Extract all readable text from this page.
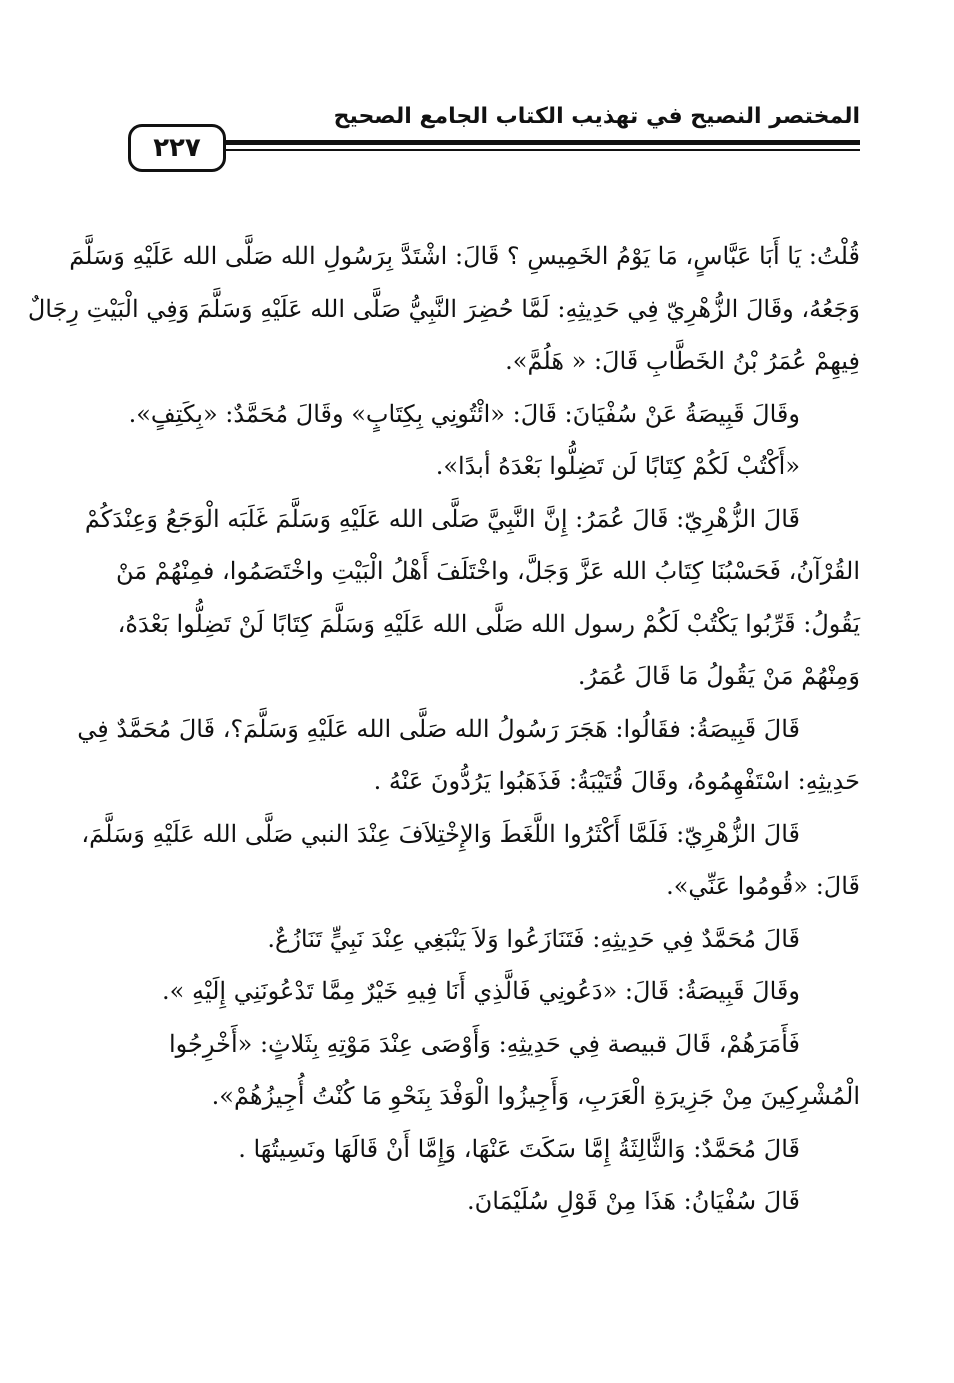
المختصر النصيح في تهذيب الكتاب الجامع الصحيح
٢٢٧
قُلْتُ: يَا أَبَا عَبَّاسٍ، مَا يَوْمُ الخَمِيسِ ؟ قَالَ: اشْتَدَّ بِرَسُولِ الله صَلَّى الله عَلَيْهِ وَسَلَّمَ
وَجَعُهُ، وقَالَ الزُّهْرِيّ فِي حَدِيثِهِ: لَمَّا حُضِرَ النَّبِيُّ صَلَّى الله عَلَيْهِ وَسَلَّمَ وَفِي الْبَيْتِ رِجَالٌ
فِيهِمْ عُمَرُ بْنُ الخَطَّابِ قَالَ: « هَلُمَّ».
وقَالَ قَبِيصَةُ عَنْ سُفْيَانَ: قَالَ: «ائْتُونِي بِكِتَابٍ» وقَالَ مُحَمَّدٌ: «بِكَتِفٍ».
«أَكْتُبْ لَكُمْ كِتَابًا لَن تَضِلُّوا بَعْدَهُ أبدًا».
قَالَ الزُّهْرِيّ: قَالَ عُمَرُ: إِنَّ النَّبِيَّ صَلَّى الله عَلَيْهِ وَسَلَّمَ غَلَبَه الْوَجَعُ وَعِنْدَكُمْ
القُرْآنُ، فَحَسْبُنَا كِتَابُ الله عَزَّ وَجَلَّ، واخْتَلَفَ أَهْلُ الْبَيْتِ واخْتَصَمُوا، فمِنْهُمْ مَنْ
يَقُولُ: قَرِّبُوا يَكْتُبْ لَكُمْ رسول الله صَلَّى الله عَلَيْهِ وَسَلَّمَ كِتَابًا لَنْ تَضِلُّوا بَعْدَهُ،
وَمِنْهُمْ مَنْ يَقُولُ مَا قَالَ عُمَرُ.
قَالَ قَبِيصَةُ: فقَالُوا: هَجَرَ رَسُولُ الله صَلَّى الله عَلَيْهِ وَسَلَّمَ؟، قَالَ مُحَمَّدٌ فِي
حَدِيثِهِ: اسْتَفْهِمُوهُ، وقَالَ قُتَيْبَةُ: فَذَهَبُوا يَرُدُّونَ عَنْهُ .
قَالَ الزُّهْرِيّ: فَلَمَّا أَكْثَرُوا اللَّغَطَ وَالإِخْتِلاَفَ عِنْدَ النبي صَلَّى الله عَلَيْهِ وَسَلَّمَ،
قَالَ: «قُومُوا عَنِّي».
قَالَ مُحَمَّدٌ فِي حَدِيثِهِ: فَتَنَازَعُوا وَلاَ يَنْبَغِي عِنْدَ نَبِيٍّ تَنَازُعٌ.
وقَالَ قَبِيصَةُ: قَالَ: «دَعُونِي فَالَّذِي أَنَا فِيهِ خَيْرٌ مِمَّا تَدْعُونَنِي إِلَيْهِ ».
فَأَمَرَهُمْ، قَالَ قبيصة فِي حَدِيثِهِ: وَأَوْصَى عِنْدَ مَوْتِهِ بِثَلاثٍ: «أَخْرِجُوا
الْمُشْرِكِينَ مِنْ جَزِيرَةِ الْعَرَبِ، وَأَجِيزُوا الْوَفْدَ بِنَحْوِ مَا كُنْتُ أُجِيزُهُمْ».
قَالَ مُحَمَّدٌ: وَالثَّالِثَةُ إِمَّا سَكَتَ عَنْهَا، وَإِمَّا أَنْ قَالَهَا ونَسِيتُهَا .
قَالَ سُفْيَانُ: هَذَا مِنْ قَوْلِ سُلَيْمَانَ.
